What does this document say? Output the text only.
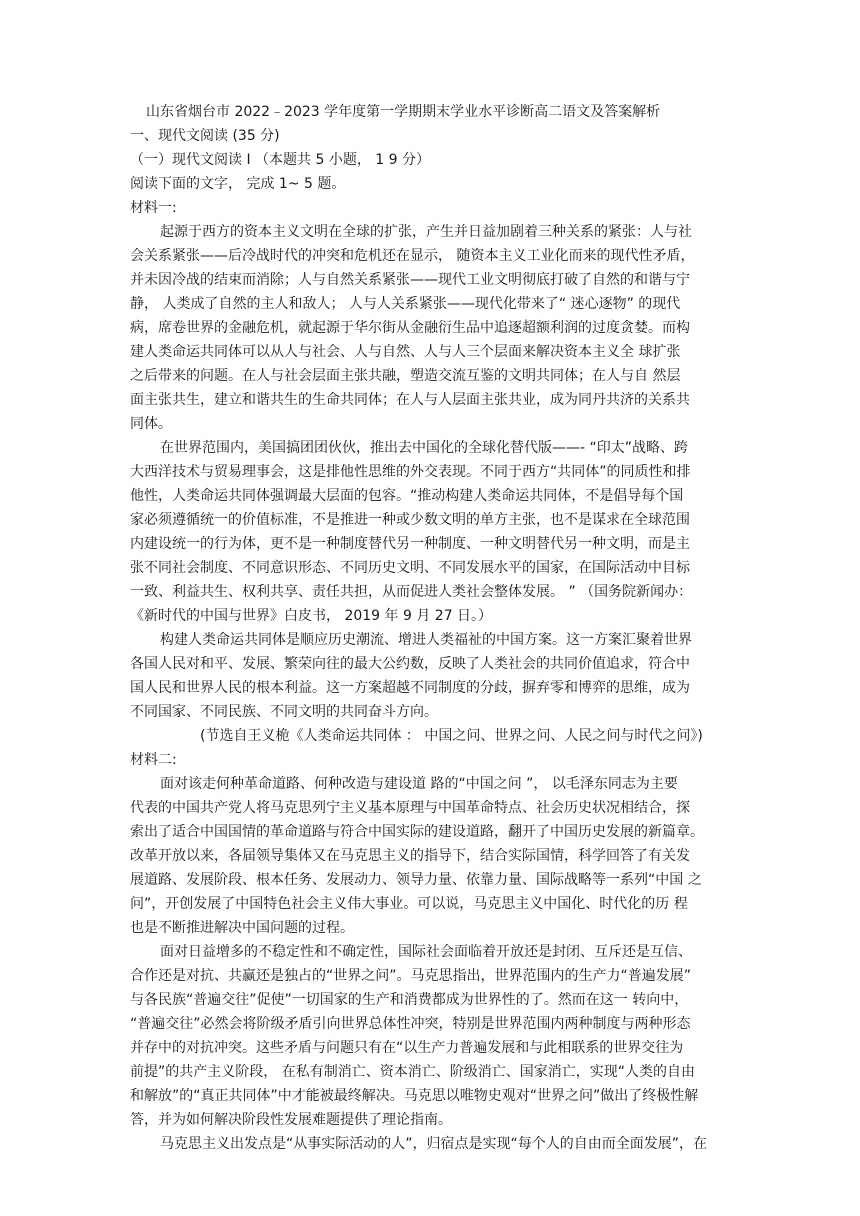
山东省烟台市 2022﹣2023 学年度第一学期期末学业水平诊断高二语文及答案解析
一、现代文阅读 (35 分)
（一）现代文阅读 Ⅰ （本题共 5 小题， 1 9 分）
阅读下面的文字， 完成 1~ 5 题。
材料一:
起源于西方的资本主义文明在全球的扩张，产生并日益加剧着三种关系的紧张：人与社
会关系紧张——后冷战时代的冲突和危机还在显示， 随资本主义工业化而来的现代性矛盾，
并未因冷战的结束而消除；人与自然关系紧张——现代工业文明彻底打破了自然的和谐与宁
静， 人类成了自然的主人和敌人； 人与人关系紧张——现代化带来了“ 迷心逐物” 的现代
病，席卷世界的金融危机，就起源于华尔街从金融衍生品中追逐超额利润的过度贪婪。而构
建人类命运共同体可以从人与社会、人与自然、人与人三个层面来解决资本主义全 球扩张
之后带来的问题。在人与社会层面主张共融，塑造交流互鉴的文明共同体；在人与自 然层
面主张共生，建立和谐共生的生命共同体；在人与人层面主张共业，成为同丹共济的关系共
同体。
在世界范围内，美国搞团团伙伙，推出去中国化的全球化替代版——- “印太”战略、跨
大西洋技术与贸易理事会，这是排他性思维的外交表现。不同于西方“共同体”的同质性和排
他性，人类命运共同体强调最大层面的包容。“推动构建人类命运共同体，不是倡导每个国
家必须遵循统一的价值标准，不是推进一种或少数文明的单方主张，也不是谋求在全球范围
内建设统一的行为体，更不是一种制度替代另一种制度、一种文明替代另一种文明，而是主
张不同社会制度、不同意识形态、不同历史文明、不同发展水平的国家，在国际活动中目标
一致、利益共生、权利共享、责任共担，从而促进人类社会整体发展。 ” （国务院新闻办：
《新时代的中国与世界》白皮书， 2019 年 9 月 27 日。）
构建人类命运共同体是顺应历史潮流、增进人类福祉的中国方案。这一方案汇聚着世界
各国人民对和平、发展、繁荣向往的最大公约数，反映了人类社会的共同价值追求，符合中
国人民和世界人民的根本利益。这一方案超越不同制度的分歧，摒弃零和博弈的思维，成为
不同国家、不同民族、不同文明的共同奋斗方向。
(节选自王义桅《人类命运共同体 ： 中国之问、世界之问、人民之问与时代之问》)
材料二:
面对该走何种革命道路、何种改造与建设道 路的“中国之问 ”， 以毛泽东同志为主要
代表的中国共产党人将马克思列宁主义基本原理与中国革命特点、社会历史状况相结合，探
索出了适合中国国情的革命道路与符合中国实际的建设道路，翻开了中国历史发展的新篇章。
改革开放以来，各届领导集体又在马克思主义的指导下，结合实际国情，科学回答了有关发
展道路、发展阶段、根本任务、发展动力、领导力量、依靠力量、国际战略等一系列“中国 之
问”，开创发展了中国特色社会主义伟大事业。可以说，马克思主义中国化、时代化的历 程
也是不断推进解决中国问题的过程。
面对日益增多的不稳定性和不确定性，国际社会面临着开放还是封闭、互斥还是互信、
合作还是对抗、共赢还是独占的“世界之问”。马克思指出，世界范围内的生产力“普遍发展”
与各民族“普遍交往”促使”一切国家的生产和消费都成为世界性的了。然而在这一 转向中，
“普遍交往”必然会将阶级矛盾引向世界总体性冲突，特别是世界范围内两种制度与两种形态
并存中的对抗冲突。这些矛盾与问题只有在“以生产力普遍发展和与此相联系的世界交往为
前提”的共产主义阶段， 在私有制消亡、资本消亡、阶级消亡、国家消亡，实现“人类的自由
和解放”的“真正共同体”中才能被最终解决。马克思以唯物史观对“世界之问”做出了终极性解
答，并为如何解决阶段性发展难题提供了理论指南。
马克思主义出发点是“从事实际活动的人”，归宿点是实现“每个人的自由而全面发展”，在
